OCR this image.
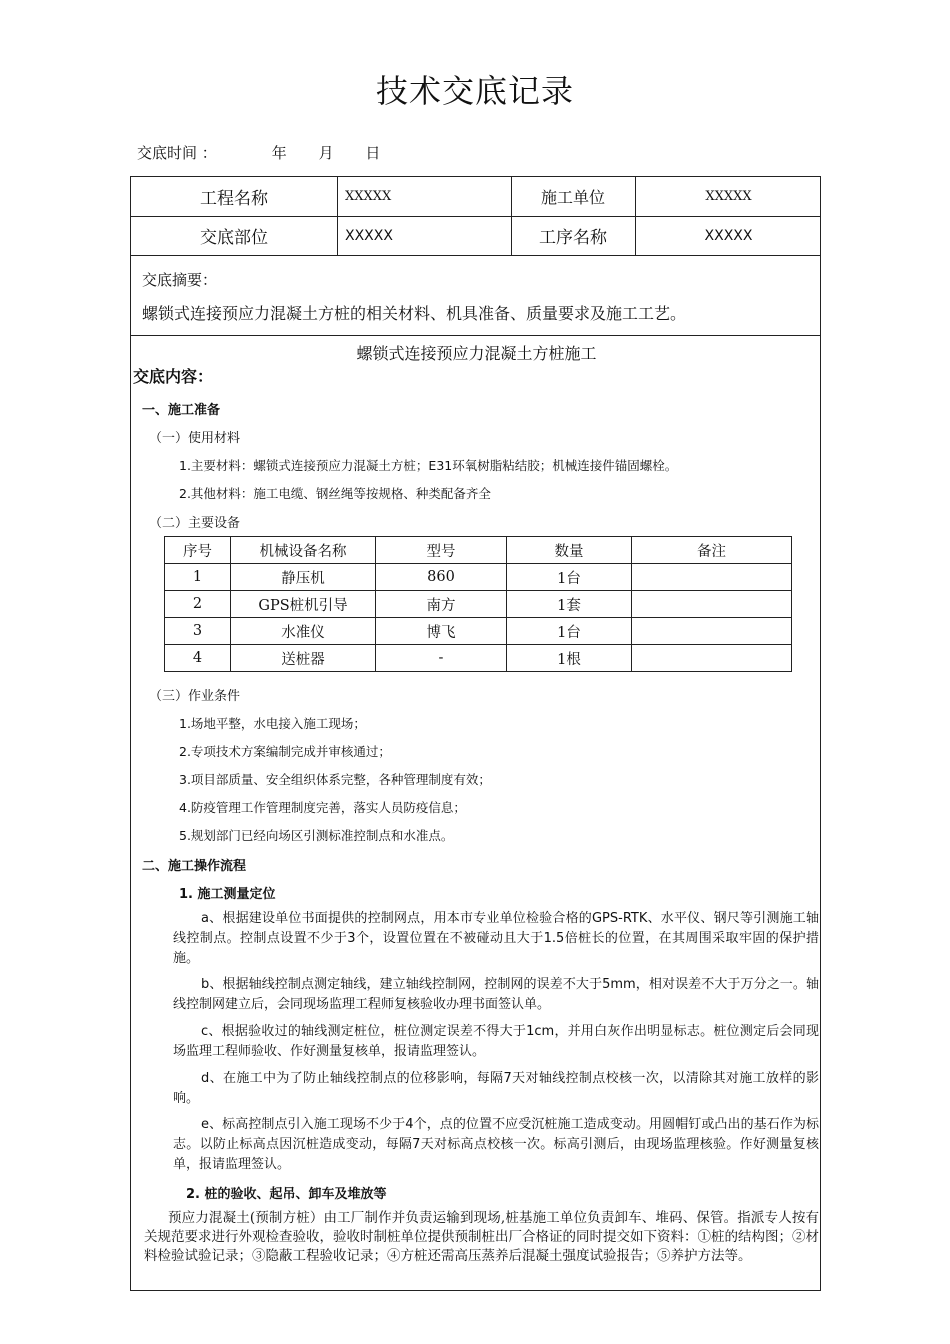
技术交底记录
交底时间 ：	年 月 日
工程名称	XXXXX	施工单位	XXXXX
交底部位	XXXXX	工序名称	XXXXX
交底摘要：
螺锁式连接预应力混凝土方桩的相关材料、机具准备、质量要求及施工工艺。
螺锁式连接预应力混凝土方桩施工
交底内容：
一、施工准备
（一）使用材料
1.主要材料：螺锁式连接预应力混凝土方桩；E31环氧树脂粘结胶；机械连接件锚固螺栓。
2.其他材料：施工电缆、钢丝绳等按规格、种类配备齐全
（二）主要设备
序号	机械设备名称	型号	数量	备注
1	静压机	860	1台	
2	GPS桩机引导	南方	1套	
3	水准仪	博飞	1台	
4	送桩器	-	1根	
（三）作业条件
1.场地平整，水电接入施工现场；
2.专项技术方案编制完成并审核通过；
3.项目部质量、安全组织体系完整，各种管理制度有效；
4.防疫管理工作管理制度完善，落实人员防疫信息；
5.规划部门已经向场区引测标准控制点和水准点。
二、施工操作流程
1. 施工测量定位
a、根据建设单位书面提供的控制网点，用本市专业单位检验合格的GPS-RTK、水平仪、钢尺等引测施工轴线控制点。控制点设置不少于3个，设置位置在不被碰动且大于1.5倍桩长的位置，在其周围采取牢固的保护措施。
b、根据轴线控制点测定轴线，建立轴线控制网，控制网的误差不大于5mm，相对误差不大于万分之一。轴线控制网建立后，会同现场监理工程师复核验收办理书面签认单。
c、根据验收过的轴线测定桩位，桩位测定误差不得大于1cm，并用白灰作出明显标志。桩位测定后会同现场监理工程师验收、作好测量复核单，报请监理签认。
d、在施工中为了防止轴线控制点的位移影响，每隔7天对轴线控制点校核一次，以清除其对施工放样的影响。
e、标高控制点引入施工现场不少于4个，点的位置不应受沉桩施工造成变动。用圆帽钉或凸出的基石作为标志。以防止标高点因沉桩造成变动，每隔7天对标高点校核一次。标高引测后，由现场监理核验。作好测量复核单，报请监理签认。
2. 桩的验收、起吊、卸车及堆放等
预应力混凝土(预制方桩）由工厂制作并负责运输到现场,桩基施工单位负责卸车、堆码、保管。指派专人按有关规范要求进行外观检查验收，验收时制桩单位提供预制桩出厂合格证的同时提交如下资料：①桩的结构图；②材料检验试验记录；③隐蔽工程验收记录；④方桩还需高压蒸养后混凝土强度试验报告；⑤养护方法等。
